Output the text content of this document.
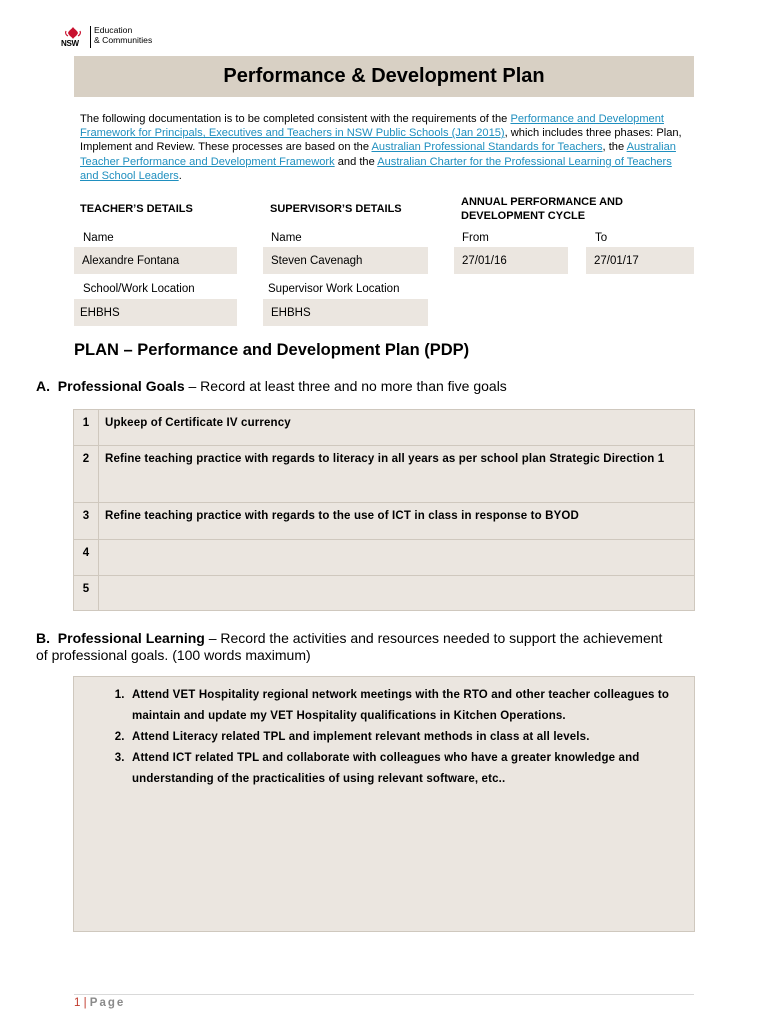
NSW
Education
& Communities
Performance & Development Plan
The following documentation is to be completed consistent with the requirements of the Performance and Development Framework for Principals, Executives and Teachers in NSW Public Schools (Jan 2015), which includes three phases: Plan, Implement and Review. These processes are based on the Australian Professional Standards for Teachers, the Australian Teacher Performance and Development Framework and the Australian Charter for the Professional Learning of Teachers and School Leaders.
TEACHER’S DETAILS	SUPERVISOR’S DETAILS
ANNUAL PERFORMANCE AND DEVELOPMENT CYCLE
Name	Name	From	To
Alexandre Fontana	Steven Cavenagh	27/01/16	27/01/17
School/Work Location	Supervisor Work Location
EHBHS	EHBHS
PLAN – Performance and Development Plan (PDP)
A. Professional Goals – Record at least three and no more than five goals
1	Upkeep of Certificate IV currency
2	Refine teaching practice with regards to literacy in all years as per school plan Strategic Direction 1
3	Refine teaching practice with regards to the use of ICT in class in response to BYOD
4	
5	
B. Professional Learning – Record the activities and resources needed to support the achievement of professional goals. (100 words maximum)
1. Attend VET Hospitality regional network meetings with the RTO and other teacher colleagues to maintain and update my VET Hospitality qualifications in Kitchen Operations.
2. Attend Literacy related TPL and implement relevant methods in class at all levels.
3. Attend ICT related TPL and collaborate with colleagues who have a greater knowledge and understanding of the practicalities of using relevant software, etc..
1 | Page
